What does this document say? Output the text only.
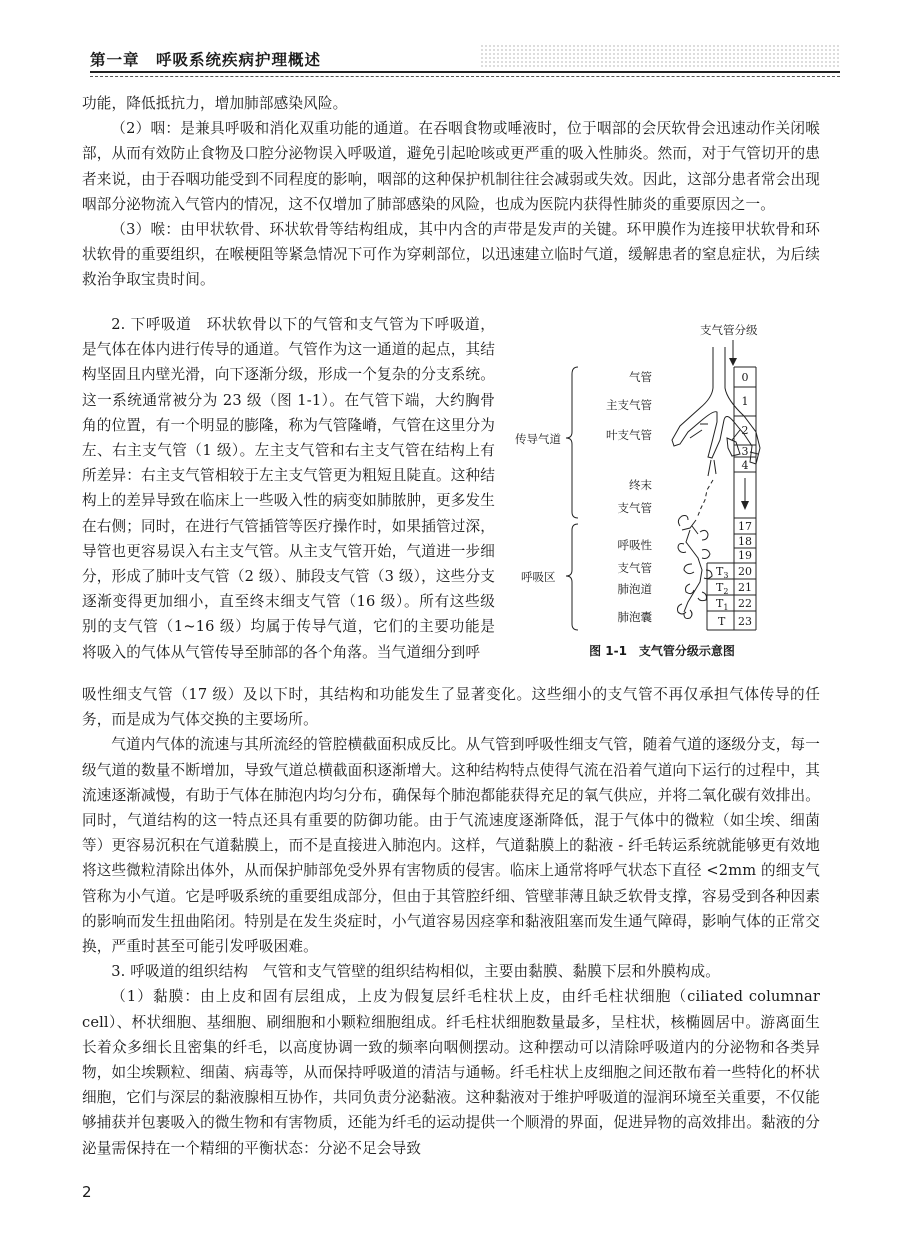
第一章　呼吸系统疾病护理概述

功能，降低抵抗力，增加肺部感染风险。

（2）咽：是兼具呼吸和消化双重功能的通道。在吞咽食物或唾液时，位于咽部的会厌软骨会迅速动作关闭喉部，从而有效防止食物及口腔分泌物误入呼吸道，避免引起呛咳或更严重的吸入性肺炎。然而，对于气管切开的患者来说，由于吞咽功能受到不同程度的影响，咽部的这种保护机制往往会减弱或失效。因此，这部分患者常会出现咽部分泌物流入气管内的情况，这不仅增加了肺部感染的风险，也成为医院内获得性肺炎的重要原因之一。

（3）喉：由甲状软骨、环状软骨等结构组成，其中内含的声带是发声的关键。环甲膜作为连接甲状软骨和环状软骨的重要组织，在喉梗阻等紧急情况下可作为穿刺部位，以迅速建立临时气道，缓解患者的窒息症状，为后续救治争取宝贵时间。

2. 下呼吸道　环状软骨以下的气管和支气管为下呼吸道，是气体在体内进行传导的通道。气管作为这一通道的起点，其结构坚固且内壁光滑，向下逐渐分级，形成一个复杂的分支系统。这一系统通常被分为 23 级（图 1-1）。在气管下端，大约胸骨角的位置，有一个明显的膨隆，称为气管隆嵴，气管在这里分为左、右主支气管（1 级）。左主支气管和右主支气管在结构上有所差异：右主支气管相较于左主支气管更为粗短且陡直。这种结构上的差异导致在临床上一些吸入性的病变如肺脓肿，更多发生在右侧；同时，在进行气管插管等医疗操作时，如果插管过深，导管也更容易误入右主支气管。从主支气管开始，气道进一步细分，形成了肺叶支气管（2 级）、肺段支气管（3 级），这些分支逐渐变得更加细小，直至终末细支气管（16 级）。所有这些级别的支气管（1~16 级）均属于传导气道，它们的主要功能是将吸入的气体从气管传导至肺部的各个角落。当气道细分到呼

支气管分级
0
1
2
3
4
17
18
19
20
21
22
23
$T_3$
$T_2$
$T_1$
T
传导气道
呼吸区
气管
主支气管
叶支气管
终末
支气管
呼吸性
支气管
肺泡道
肺泡囊
图 1-1　支气管分级示意图

吸性细支气管（17 级）及以下时，其结构和功能发生了显著变化。这些细小的支气管不再仅承担气体传导的任务，而是成为气体交换的主要场所。

气道内气体的流速与其所流经的管腔横截面积成反比。从气管到呼吸性细支气管，随着气道的逐级分支，每一级气道的数量不断增加，导致气道总横截面积逐渐增大。这种结构特点使得气流在沿着气道向下运行的过程中，其流速逐渐减慢，有助于气体在肺泡内均匀分布，确保每个肺泡都能获得充足的氧气供应，并将二氧化碳有效排出。同时，气道结构的这一特点还具有重要的防御功能。由于气流速度逐渐降低，混于气体中的微粒（如尘埃、细菌等）更容易沉积在气道黏膜上，而不是直接进入肺泡内。这样，气道黏膜上的黏液 - 纤毛转运系统就能够更有效地将这些微粒清除出体外，从而保护肺部免受外界有害物质的侵害。临床上通常将呼气状态下直径 <2mm 的细支气管称为小气道。它是呼吸系统的重要组成部分，但由于其管腔纤细、管壁菲薄且缺乏软骨支撑，容易受到各种因素的影响而发生扭曲陷闭。特别是在发生炎症时，小气道容易因痉挛和黏液阻塞而发生通气障碍，影响气体的正常交换，严重时甚至可能引发呼吸困难。

3. 呼吸道的组织结构　气管和支气管壁的组织结构相似，主要由黏膜、黏膜下层和外膜构成。

（1）黏膜：由上皮和固有层组成，上皮为假复层纤毛柱状上皮，由纤毛柱状细胞（ciliated columnar cell）、杯状细胞、基细胞、刷细胞和小颗粒细胞组成。纤毛柱状细胞数量最多，呈柱状，核椭圆居中。游离面生长着众多细长且密集的纤毛，以高度协调一致的频率向咽侧摆动。这种摆动可以清除呼吸道内的分泌物和各类异物，如尘埃颗粒、细菌、病毒等，从而保持呼吸道的清洁与通畅。纤毛柱状上皮细胞之间还散布着一些特化的杯状细胞，它们与深层的黏液腺相互协作，共同负责分泌黏液。这种黏液对于维护呼吸道的湿润环境至关重要，不仅能够捕获并包裹吸入的微生物和有害物质，还能为纤毛的运动提供一个顺滑的界面，促进异物的高效排出。黏液的分泌量需保持在一个精细的平衡状态：分泌不足会导致

2
